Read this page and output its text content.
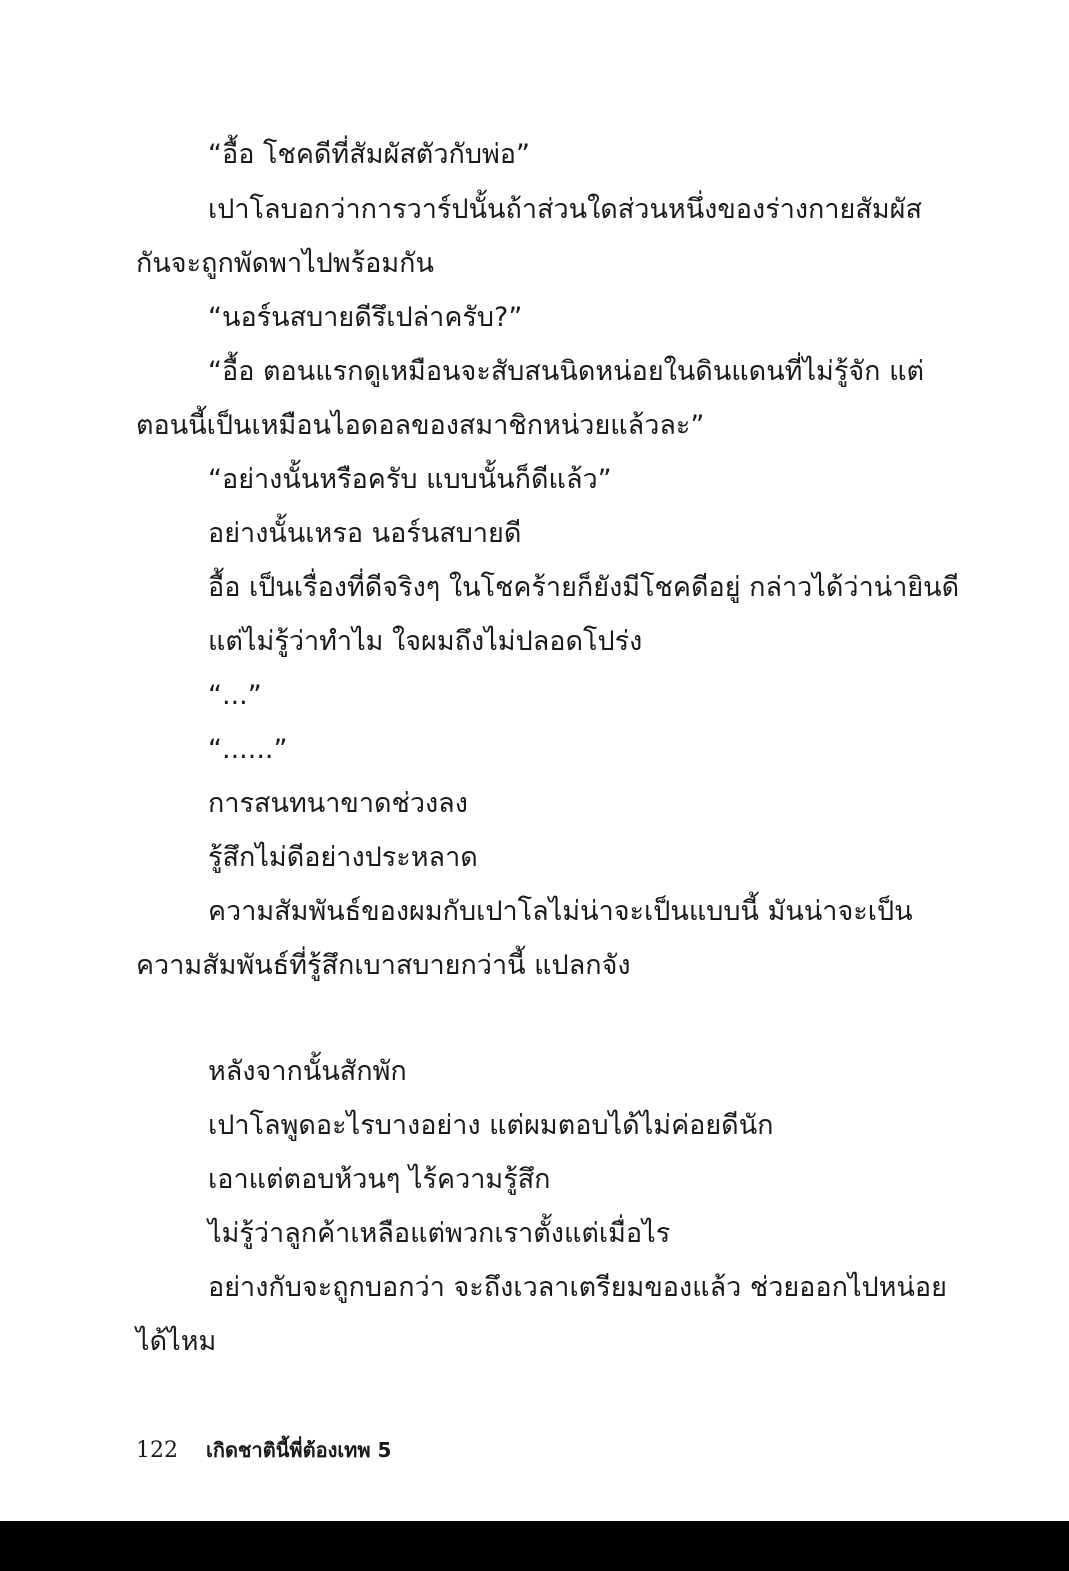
“อื้อ โชคดีที่สัมผัสตัวกับพ่อ”
เปาโลบอกว่าการวาร์ปนั้นถ้าส่วนใดส่วนหนึ่งของร่างกายสัมผัส
กันจะถูกพัดพาไปพร้อมกัน
“นอร์นสบายดีรึเปล่าครับ?”
“อื้อ ตอนแรกดูเหมือนจะสับสนนิดหน่อยในดินแดนที่ไม่รู้จัก แต่
ตอนนี้เป็นเหมือนไอดอลของสมาชิกหน่วยแล้วละ”
“อย่างนั้นหรือครับ แบบนั้นก็ดีแล้ว”
อย่างนั้นเหรอ นอร์นสบายดี
อื้อ เป็นเรื่องที่ดีจริงๆ ในโชคร้ายก็ยังมีโชคดีอยู่ กล่าวได้ว่าน่ายินดี
แต่ไม่รู้ว่าทำไม ใจผมถึงไม่ปลอดโปร่ง
“...”
“......”
การสนทนาขาดช่วงลง
รู้สึกไม่ดีอย่างประหลาด
ความสัมพันธ์ของผมกับเปาโลไม่น่าจะเป็นแบบนี้ มันน่าจะเป็น
ความสัมพันธ์ที่รู้สึกเบาสบายกว่านี้ แปลกจัง
หลังจากนั้นสักพัก
เปาโลพูดอะไรบางอย่าง แต่ผมตอบได้ไม่ค่อยดีนัก
เอาแต่ตอบห้วนๆ ไร้ความรู้สึก
ไม่รู้ว่าลูกค้าเหลือแต่พวกเราตั้งแต่เมื่อไร
อย่างกับจะถูกบอกว่า จะถึงเวลาเตรียมของแล้ว ช่วยออกไปหน่อย
ได้ไหม
122 เกิดชาตินี้พี่ต้องเทพ 5
